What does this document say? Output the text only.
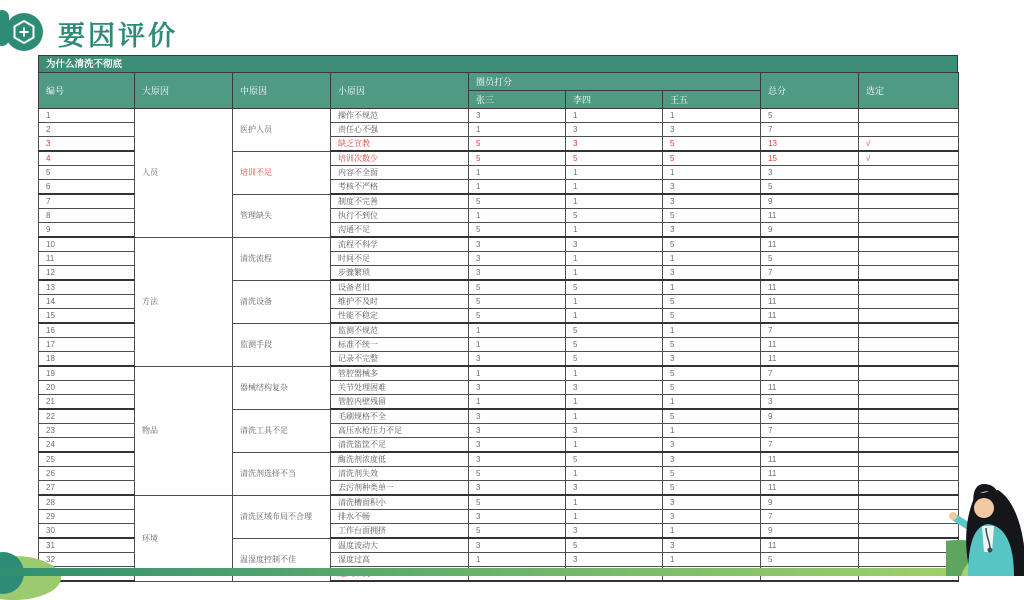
要因评价
为什么清洗不彻底
编号	大原因	中原因	小原因	圈员打分			总分	选定
				张三	李四	王五		
1	人员	医护人员	操作不规范	3	1	1	5	
2			责任心不强	1	3	3	7	
3			缺乏宣教	5	3	5	13	√
4		培训不足	培训次数少	5	5	5	15	√
5			内容不全面	1	1	1	3	
6			考核不严格	1	1	3	5	
7		管理缺失	制度不完善	5	1	3	9	
8			执行不到位	1	5	5	11	
9			沟通不足	5	1	3	9	
10	方法	清洗流程	流程不科学	3	3	5	11	
11			时间不足	3	1	1	5	
12			步骤繁琐	3	1	3	7	
13		清洗设备	设备老旧	5	5	1	11	
14			维护不及时	5	1	5	11	
15			性能不稳定	5	1	5	11	
16		监测手段	监测不规范	1	5	1	7	
17			标准不统一	1	5	5	11	
18			记录不完整	3	5	3	11	
19	物品	器械结构复杂	管腔器械多	1	1	5	7	
20			关节处理困难	3	3	5	11	
21			管腔内壁残留	1	1	1	3	
22		清洗工具不足	毛刷规格不全	3	1	5	9	
23			高压水枪压力不足	3	3	1	7	
24			清洗篮筐不足	3	1	3	7	
25		清洗剂选择不当	酶洗剂浓度低	3	5	3	11	
26			清洗剂失效	5	1	5	11	
27			去污剂种类单一	3	3	5	11	
28	环境	清洗区域布局不合理	清洗槽面积小	5	1	3	9	
29			排水不畅	3	1	3	7	
30			工作台面拥挤	5	3	1	9	
31		温湿度控制不佳	温度波动大	3	5	3	11	
32			湿度过高	1	3	1	5	
